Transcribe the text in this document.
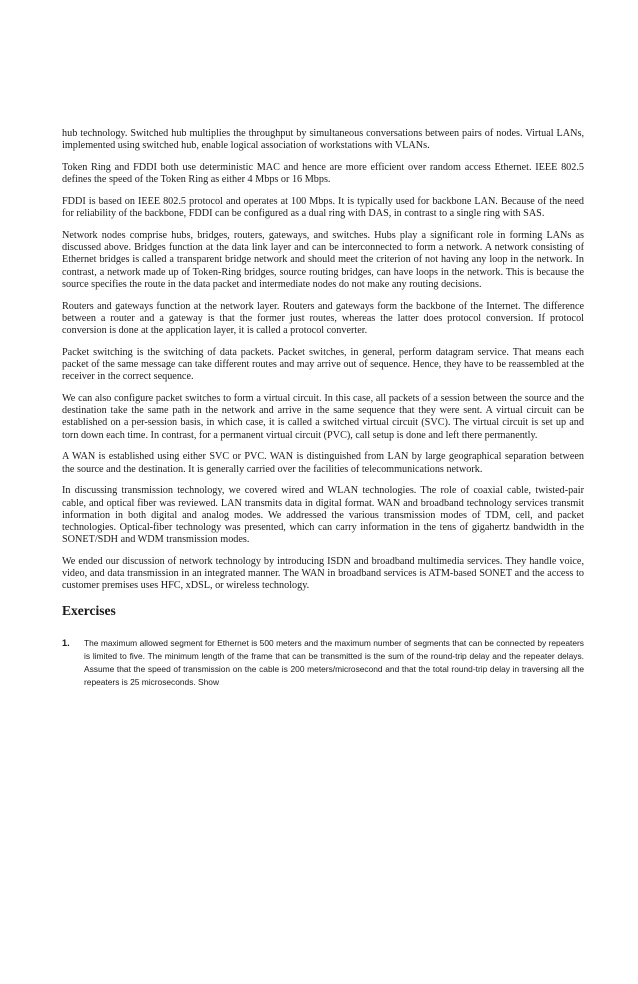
hub technology. Switched hub multiplies the throughput by simultaneous conversations between pairs of nodes. Virtual LANs, implemented using switched hub, enable logical association of workstations with VLANs.

Token Ring and FDDI both use deterministic MAC and hence are more efficient over random access Ethernet. IEEE 802.5 defines the speed of the Token Ring as either 4 Mbps or 16 Mbps.

FDDI is based on IEEE 802.5 protocol and operates at 100 Mbps. It is typically used for backbone LAN. Because of the need for reliability of the backbone, FDDI can be configured as a dual ring with DAS, in contrast to a single ring with SAS.

Network nodes comprise hubs, bridges, routers, gateways, and switches. Hubs play a significant role in forming LANs as discussed above. Bridges function at the data link layer and can be interconnected to form a network. A network consisting of Ethernet bridges is called a transparent bridge network and should meet the criterion of not having any loop in the network. In contrast, a network made up of Token-Ring bridges, source routing bridges, can have loops in the network. This is because the source specifies the route in the data packet and intermediate nodes do not make any routing decisions.

Routers and gateways function at the network layer. Routers and gateways form the backbone of the Internet. The difference between a router and a gateway is that the former just routes, whereas the latter does protocol conversion. If protocol conversion is done at the application layer, it is called a protocol converter.

Packet switching is the switching of data packets. Packet switches, in general, perform datagram service. That means each packet of the same message can take different routes and may arrive out of sequence. Hence, they have to be reassembled at the receiver in the correct sequence.

We can also configure packet switches to form a virtual circuit. In this case, all packets of a session between the source and the destination take the same path in the network and arrive in the same sequence that they were sent. A virtual circuit can be established on a per-session basis, in which case, it is called a switched virtual circuit (SVC). The virtual circuit is set up and torn down each time. In contrast, for a permanent virtual circuit (PVC), call setup is done and left there permanently.

A WAN is established using either SVC or PVC. WAN is distinguished from LAN by large geographical separation between the source and the destination. It is generally carried over the facilities of telecommunications network.

In discussing transmission technology, we covered wired and WLAN technologies. The role of coaxial cable, twisted-pair cable, and optical fiber was reviewed. LAN transmits data in digital format. WAN and broadband technology services transmit information in both digital and analog modes. We addressed the various transmission modes of TDM, cell, and packet technologies. Optical-fiber technology was presented, which can carry information in the tens of gigahertz bandwidth in the SONET/SDH and WDM transmission modes.

We ended our discussion of network technology by introducing ISDN and broadband multimedia services. They handle voice, video, and data transmission in an integrated manner. The WAN in broadband services is ATM-based SONET and the access to customer premises uses HFC, xDSL, or wireless technology.

Exercises
1. The maximum allowed segment for Ethernet is 500 meters and the maximum number of segments that can be connected by repeaters is limited to five. The minimum length of the frame that can be transmitted is the sum of the round-trip delay and the repeater delays. Assume that the speed of transmission on the cable is 200 meters/microsecond and that the total round-trip delay in traversing all the repeaters is 25 microseconds. Show
